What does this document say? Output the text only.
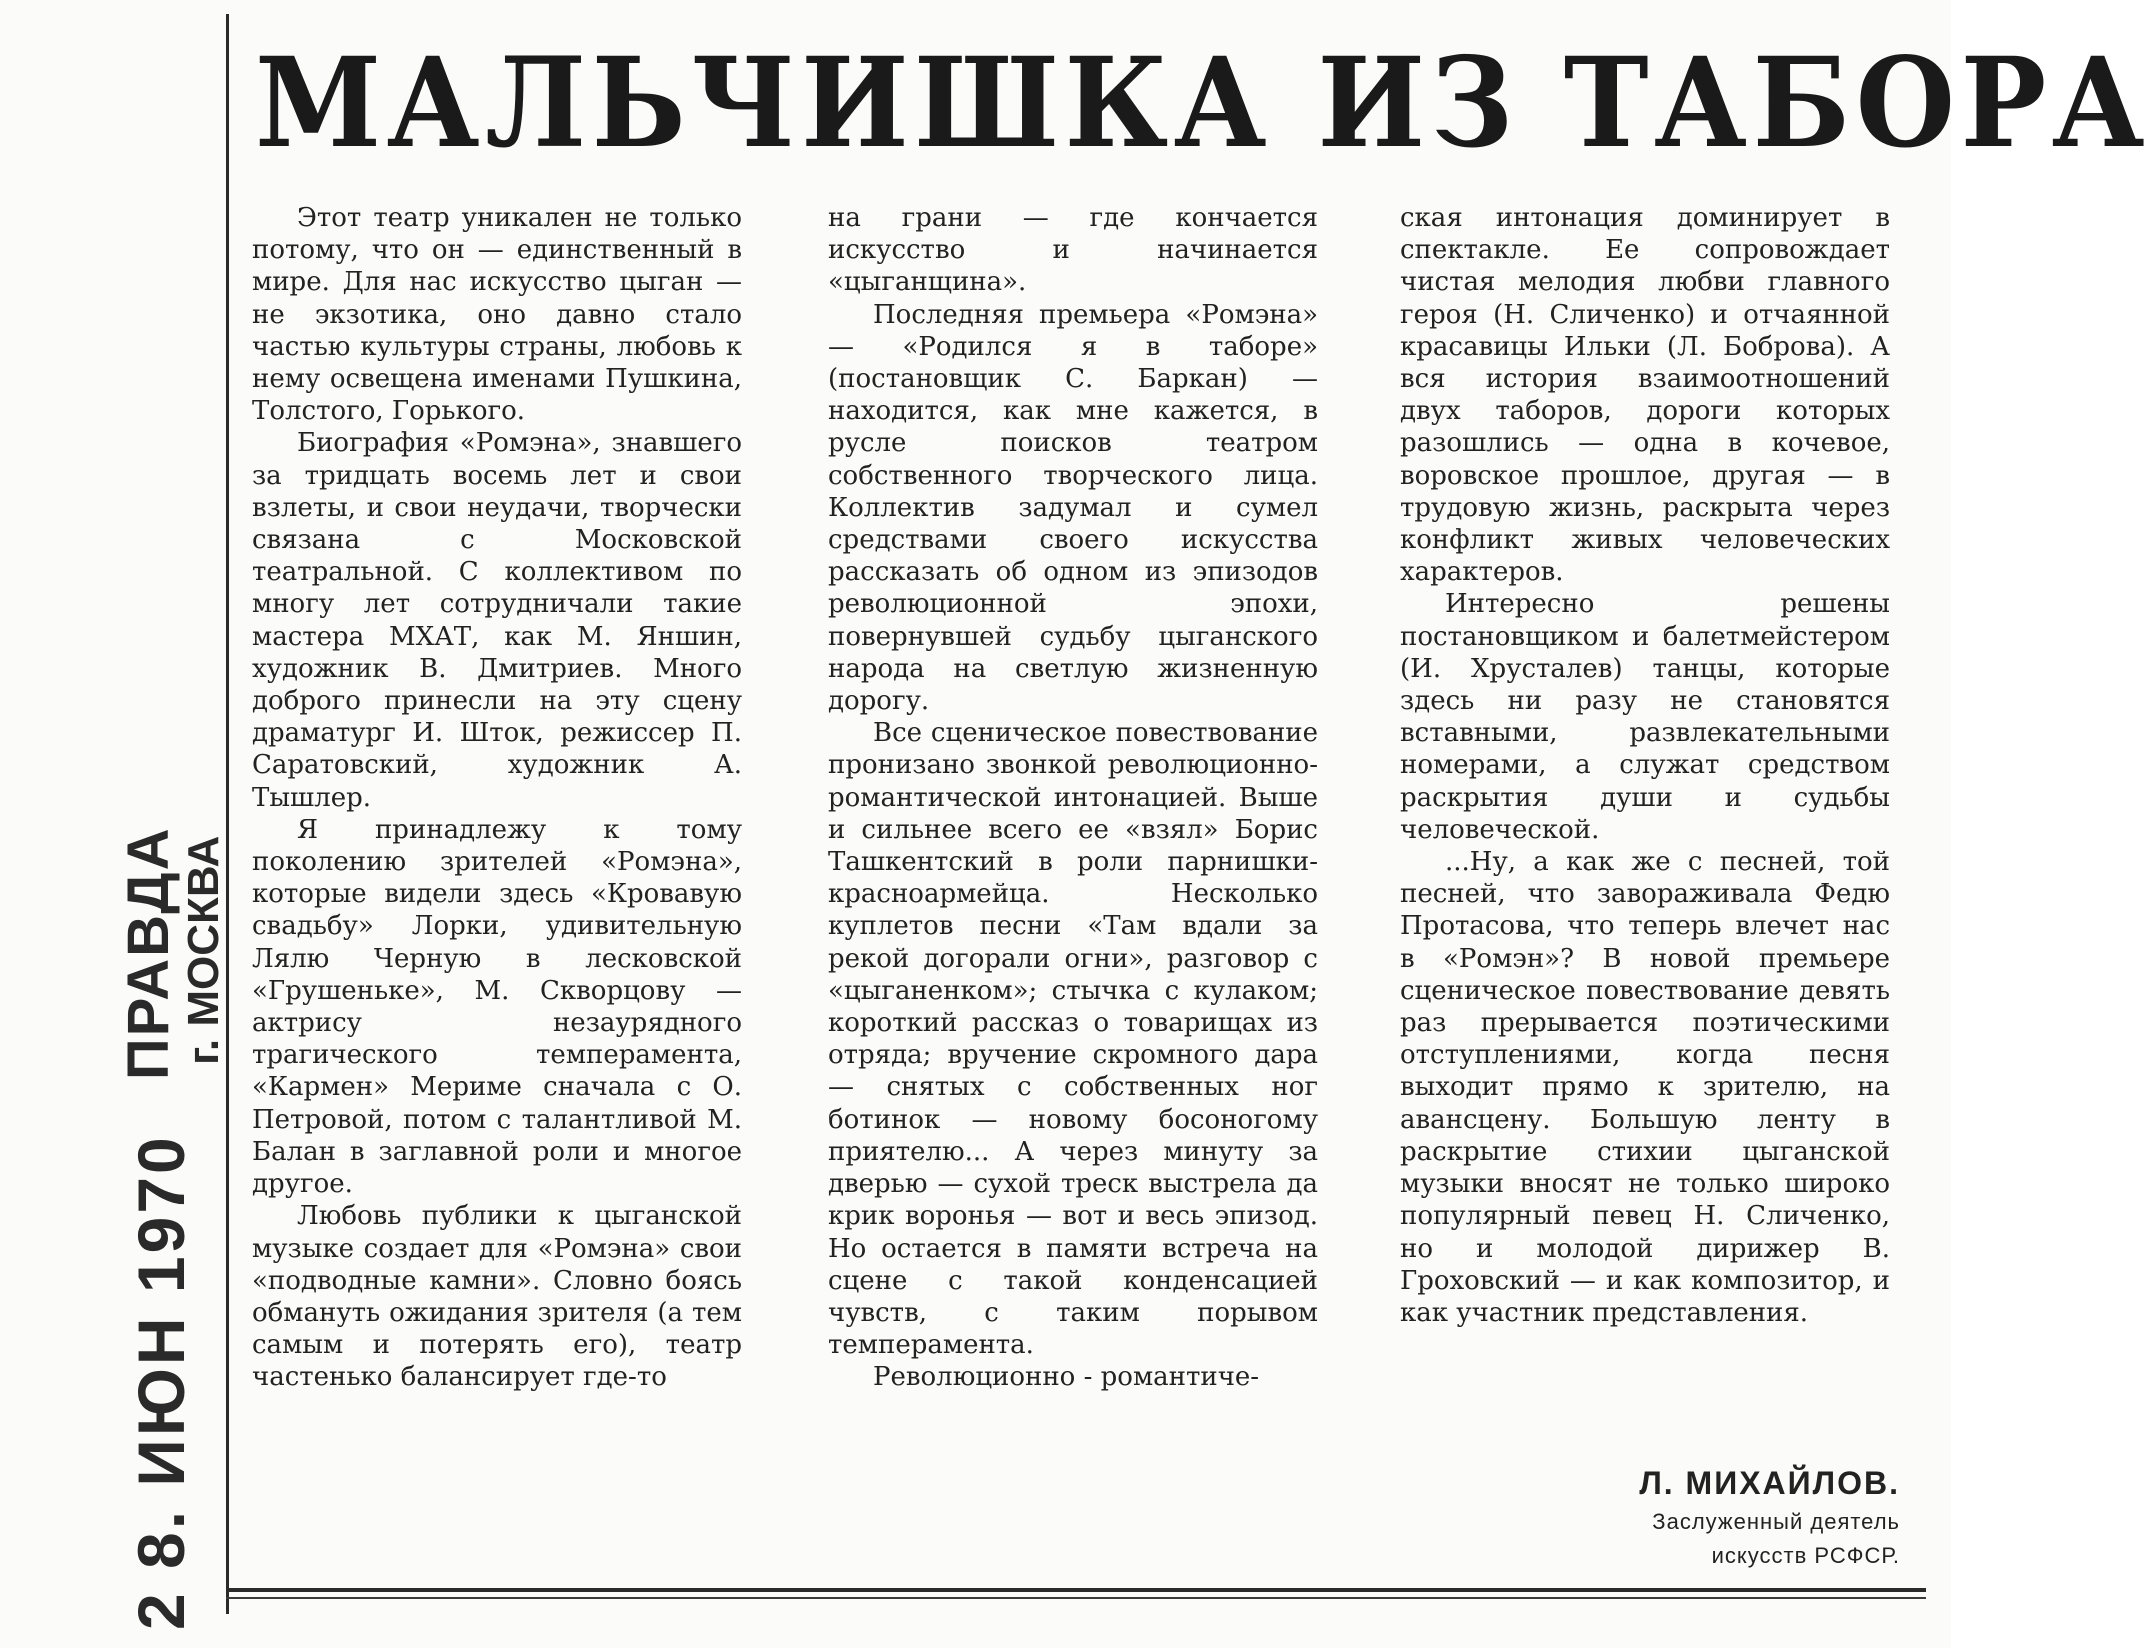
2 8. ИЮН 1970
ПРАВДА
г. МОСКВА
МАЛЬЧИШКА ИЗ ТАБОРА

Этот театр уникален не только потому, что он — единственный в мире. Для нас искусство цыган — не экзотика, оно давно стало частью культуры страны, любовь к нему освещена именами Пушкина, Толстого, Горького.

Биография «Ромэна», знавшего за тридцать восемь лет и свои взлеты, и свои неудачи, творчески связана с Московской театральной. С коллективом по многу лет сотрудничали такие мастера МХАТ, как М. Яншин, художник В. Дмитриев. Много доброго принесли на эту сцену драматург И. Шток, режиссер П. Саратовский, художник А. Тышлер.

Я принадлежу к тому поколению зрителей «Ромэна», которые видели здесь «Кровавую свадьбу» Лорки, удивительную Лялю Черную в лесковской «Грушеньке», М. Скворцову — актрису незаурядного трагического темперамента, «Кармен» Мериме сначала с О. Петровой, потом с талантливой М. Балан в заглавной роли и многое другое.

Любовь публики к цыганской музыке создает для «Ромэна» свои «подводные камни». Словно боясь обмануть ожидания зрителя (а тем самым и потерять его), театр частенько балансирует где-то

на грани — где кончается искусство и начинается «цыганщина».

Последняя премьера «Ромэна» — «Родился я в таборе» (постановщик С. Баркан) — находится, как мне кажется, в русле поисков театром собственного творческого лица. Коллектив задумал и сумел средствами своего искусства рассказать об одном из эпизодов революционной эпохи, повернувшей судьбу цыганского народа на светлую жизненную дорогу.

Все сценическое повествование пронизано звонкой революционно-романтической интонацией. Выше и сильнее всего ее «взял» Борис Ташкентский в роли парнишки-красноармейца. Несколько куплетов песни «Там вдали за рекой догорали огни», разговор с «цыганенком»; стычка с кулаком; короткий рассказ о товарищах из отряда; вручение скромного дара — снятых с собственных ног ботинок — новому босоногому приятелю... А через минуту за дверью — сухой треск выстрела да крик воронья — вот и весь эпизод. Но остается в памяти встреча на сцене с такой конденсацией чувств, с таким порывом темперамента.

Революционно - романтиче-

ская интонация доминирует в спектакле. Ее сопровождает чистая мелодия любви главного героя (Н. Сличенко) и отчаянной красавицы Ильки (Л. Боброва). А вся история взаимоотношений двух таборов, дороги которых разошлись — одна в кочевое, воровское прошлое, другая — в трудовую жизнь, раскрыта через конфликт живых человеческих характеров.

Интересно решены постановщиком и балетмейстером (И. Хрусталев) танцы, которые здесь ни разу не становятся вставными, развлекательными номерами, а служат средством раскрытия души и судьбы человеческой.

...Ну, а как же с песней, той песней, что завораживала Федю Протасова, что теперь влечет нас в «Ромэн»? В новой премьере сценическое повествование девять раз прерывается поэтическими отступлениями, когда песня выходит прямо к зрителю, на авансцену. Большую ленту в раскрытие стихии цыганской музыки вносят не только широко популярный певец Н. Сличенко, но и молодой дирижер В. Гроховский — и как композитор, и как участник представления.

Л. МИХАЙЛОВ.
Заслуженный деятель
искусств РСФСР.
